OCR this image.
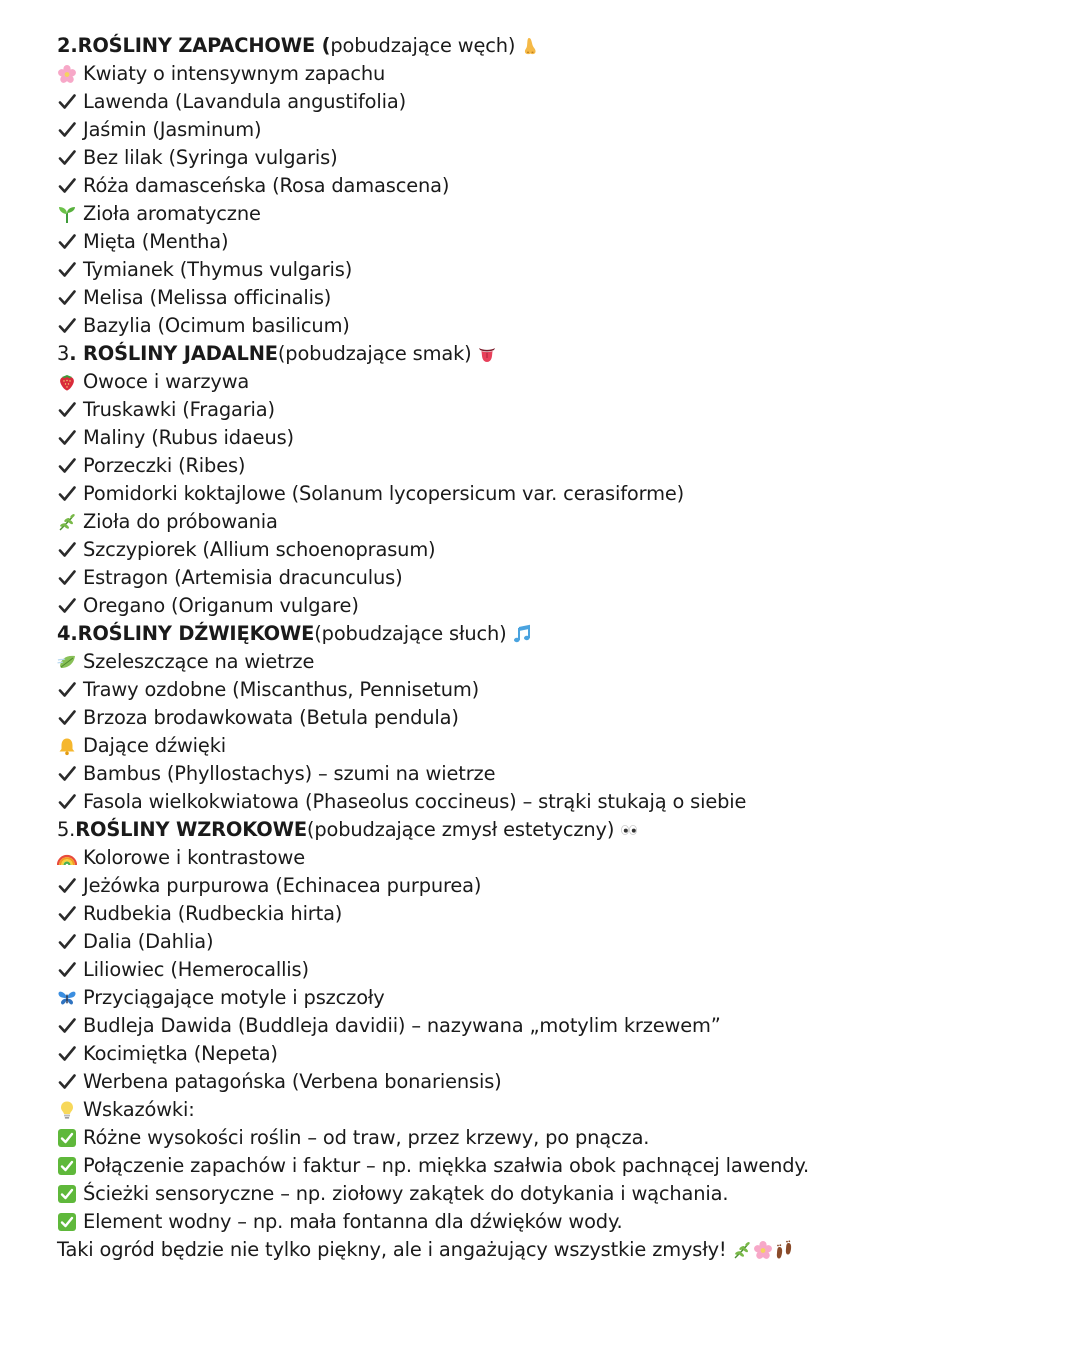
2. ROŚLINY ZAPACHOWE ( pobudzające węch)
Kwiaty o intensywnym zapachu
Lawenda (Lavandula angustifolia)
Jaśmin (Jasminum)
Bez lilak (Syringa vulgaris)
Róża damasceńska (Rosa damascena)
Zioła aromatyczne
Mięta (Mentha)
Tymianek (Thymus vulgaris)
Melisa (Melissa officinalis)
Bazylia (Ocimum basilicum)
3 . ROŚLINY JADALNE (pobudzające smak)
Owoce i warzywa
Truskawki (Fragaria)
Maliny (Rubus idaeus)
Porzeczki (Ribes)
Pomidorki koktajlowe (Solanum lycopersicum var. cerasiforme)
Zioła do próbowania
Szczypiorek (Allium schoenoprasum)
Estragon (Artemisia dracunculus)
Oregano (Origanum vulgare)
4. ROŚLINY DŹWIĘKOWE (pobudzające słuch)
Szeleszczące na wietrze
Trawy ozdobne (Miscanthus, Pennisetum)
Brzoza brodawkowata (Betula pendula)
Dające dźwięki
Bambus (Phyllostachys) – szumi na wietrze
Fasola wielkokwiatowa (Phaseolus coccineus) – strąki stukają o siebie
5. ROŚLINY WZROKOWE (pobudzające zmysł estetyczny)
Kolorowe i kontrastowe
Jeżówka purpurowa (Echinacea purpurea)
Rudbekia (Rudbeckia hirta)
Dalia (Dahlia)
Liliowiec (Hemerocallis)
Przyciągające motyle i pszczoły
Budleja Dawida (Buddleja davidii) – nazywana „motylim krzewem”
Kocimiętka (Nepeta)
Werbena patagońska (Verbena bonariensis)
Wskazówki:
Różne wysokości roślin – od traw, przez krzewy, po pnącza.
Połączenie zapachów i faktur – np. miękka szałwia obok pachnącej lawendy.
Ścieżki sensoryczne – np. ziołowy zakątek do dotykania i wąchania.
Element wodny – np. mała fontanna dla dźwięków wody.
Taki ogród będzie nie tylko piękny, ale i angażujący wszystkie zmysły!
